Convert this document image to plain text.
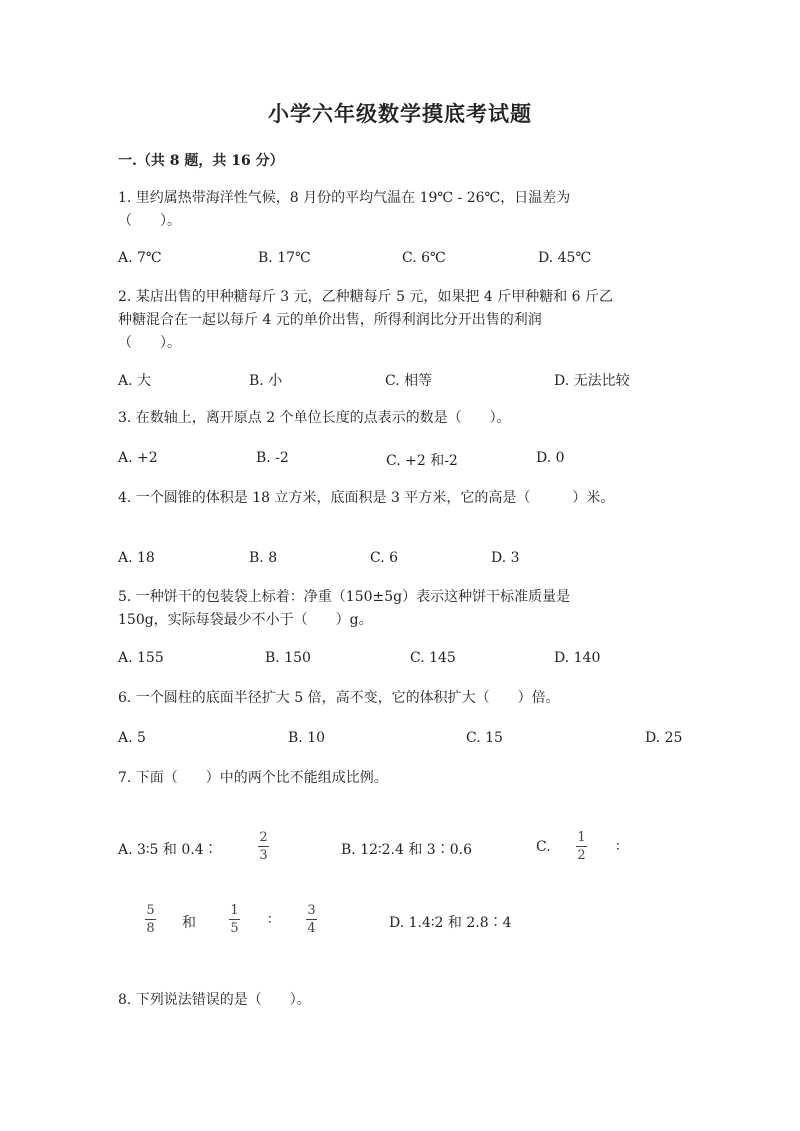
小学六年级数学摸底考试题
一.（共 8 题，共 16 分）
1. 里约属热带海洋性气候，8 月份的平均气温在 19℃ - 26℃，日温差为
（　　）。
A. 7℃	B. 17℃	C. 6℃	D. 45℃
2. 某店出售的甲种糖每斤 3 元，乙种糖每斤 5 元，如果把 4 斤甲种糖和 6 斤乙
种糖混合在一起以每斤 4 元的单价出售，所得利润比分开出售的利润
（　　）。
A. 大	B. 小	C. 相等	D. 无法比较
3. 在数轴上，离开原点 2 个单位长度的点表示的数是（　　）。
A. +2	B. -2	C. +2 和-2	D. 0
4. 一个圆锥的体积是 18 立方米，底面积是 3 平方米，它的高是（　　　）米。
A. 18	B. 8	C. 6	D. 3
5. 一种饼干的包装袋上标着：净重（150±5g）表示这种饼干标准质量是
150g，实际每袋最少不小于（　　）g。
A. 155	B. 150	C. 145	D. 140
6. 一个圆柱的底面半径扩大 5 倍，高不变，它的体积扩大（　　）倍。
A. 5	B. 10	C. 15	D. 25
7. 下面（　　）中的两个比不能组成比例。
A. 3∶5 和 0.4∶
2
3	B. 12∶2.4 和 3∶0.6	C.
1
2
∶
5
8 和
1
5
∶
3
4	D. 1.4∶2 和 2.8∶4
8. 下列说法错误的是（　　）。
